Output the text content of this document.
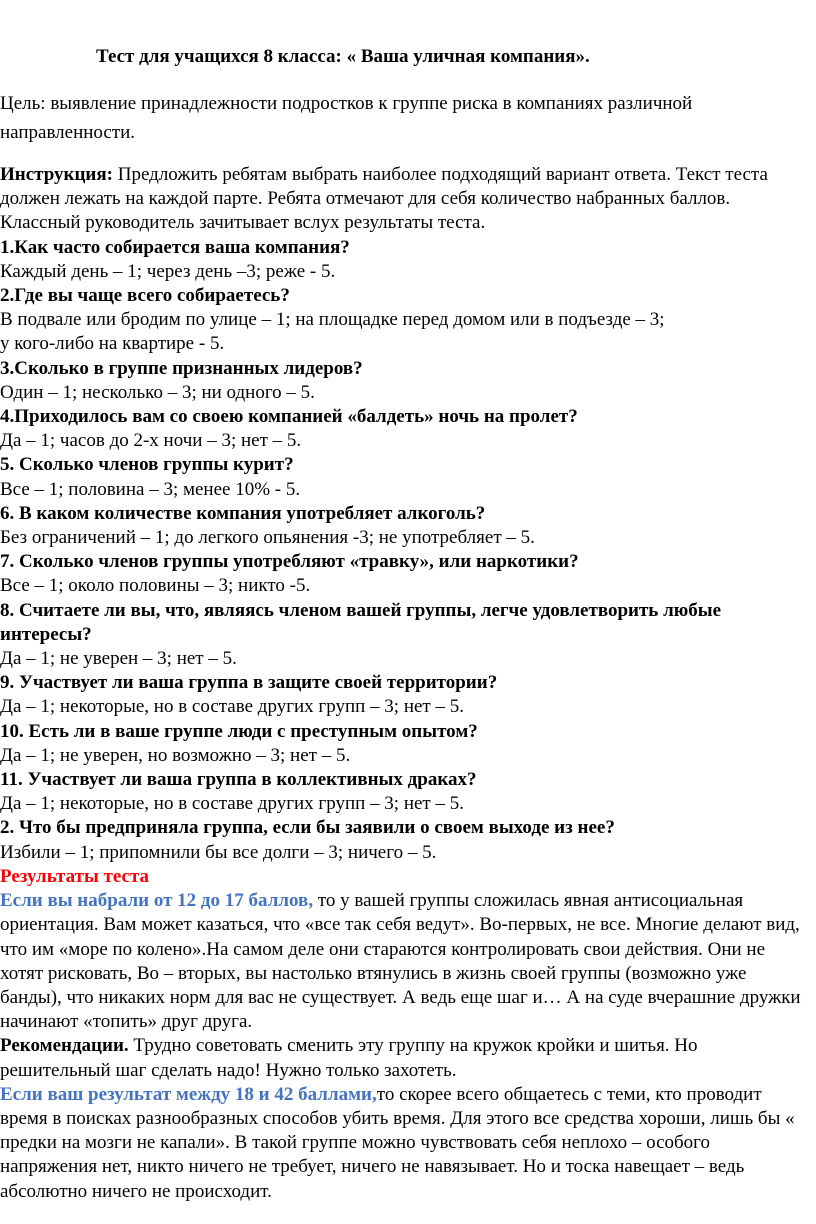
Тест для учащихся 8 класса: « Ваша уличная компания».
Цель: выявление принадлежности подростков к группе риска в компаниях различной направленности.

Инструкция: Предложить ребятам выбрать наиболее подходящий вариант ответа. Текст теста должен лежать на каждой парте. Ребята отмечают для себя количество набранных баллов. Классный руководитель зачитывает вслух результаты теста.

1.Как часто собирается ваша компания?

Каждый день – 1; через день –3; реже - 5.

2.Где вы чаще всего собираетесь?

В подвале или бродим по улице – 1; на площадке перед домом или в подъезде – 3;

у кого-либо на квартире - 5.

3.Сколько в группе признанных лидеров?

Один – 1; несколько – 3; ни одного – 5.

4.Приходилось вам со своею компанией «балдеть» ночь на пролет?

Да – 1; часов до 2-х ночи – 3; нет – 5.

5. Сколько членов группы курит?

Все – 1; половина – 3; менее 10% - 5.

6. В каком количестве компания употребляет алкоголь?

Без ограничений – 1; до легкого опьянения -3; не употребляет – 5.

7. Сколько членов группы употребляют «травку», или наркотики?

Все – 1; около половины – 3; никто -5.

8. Считаете ли вы, что, являясь членом вашей группы, легче удовлетворить любые интересы?

Да – 1; не уверен – 3; нет – 5.

9. Участвует ли ваша группа в защите своей территории?

Да – 1; некоторые, но в составе других групп – 3; нет – 5.

10. Есть ли в ваше группе люди с преступным опытом?

Да – 1; не уверен, но возможно – 3; нет – 5.

11. Участвует ли ваша группа в коллективных драках?

Да – 1; некоторые, но в составе других групп – 3; нет – 5.

2. Что бы предприняла группа, если бы заявили о своем выходе из нее?

Избили – 1; припомнили бы все долги – 3; ничего – 5.

Результаты теста

Если вы набрали от 12 до 17 баллов, то у вашей группы сложилась явная антисоциальная ориентация. Вам может казаться, что «все так себя ведут». Во-первых, не все. Многие делают вид, что им «море по колено».На самом деле они стараются контролировать свои действия. Они не хотят рисковать, Во – вторых, вы настолько втянулись в жизнь своей группы (возможно уже банды), что никаких норм для вас не существует. А ведь еще шаг и… А на суде вчерашние дружки начинают «топить» друг друга.

Рекомендации. Трудно советовать сменить эту группу на кружок кройки и шитья. Но решительный шаг сделать надо! Нужно только захотеть.

Если ваш результат между 18 и 42 баллами,то скорее всего общаетесь с теми, кто проводит время в поисках разнообразных способов убить время. Для этого все средства хороши, лишь бы « предки на мозги не капали». В такой группе можно чувствовать себя неплохо – особого напряжения нет, никто ничего не требует, ничего не навязывает. Но и тоска навещает – ведь абсолютно ничего не происходит.
